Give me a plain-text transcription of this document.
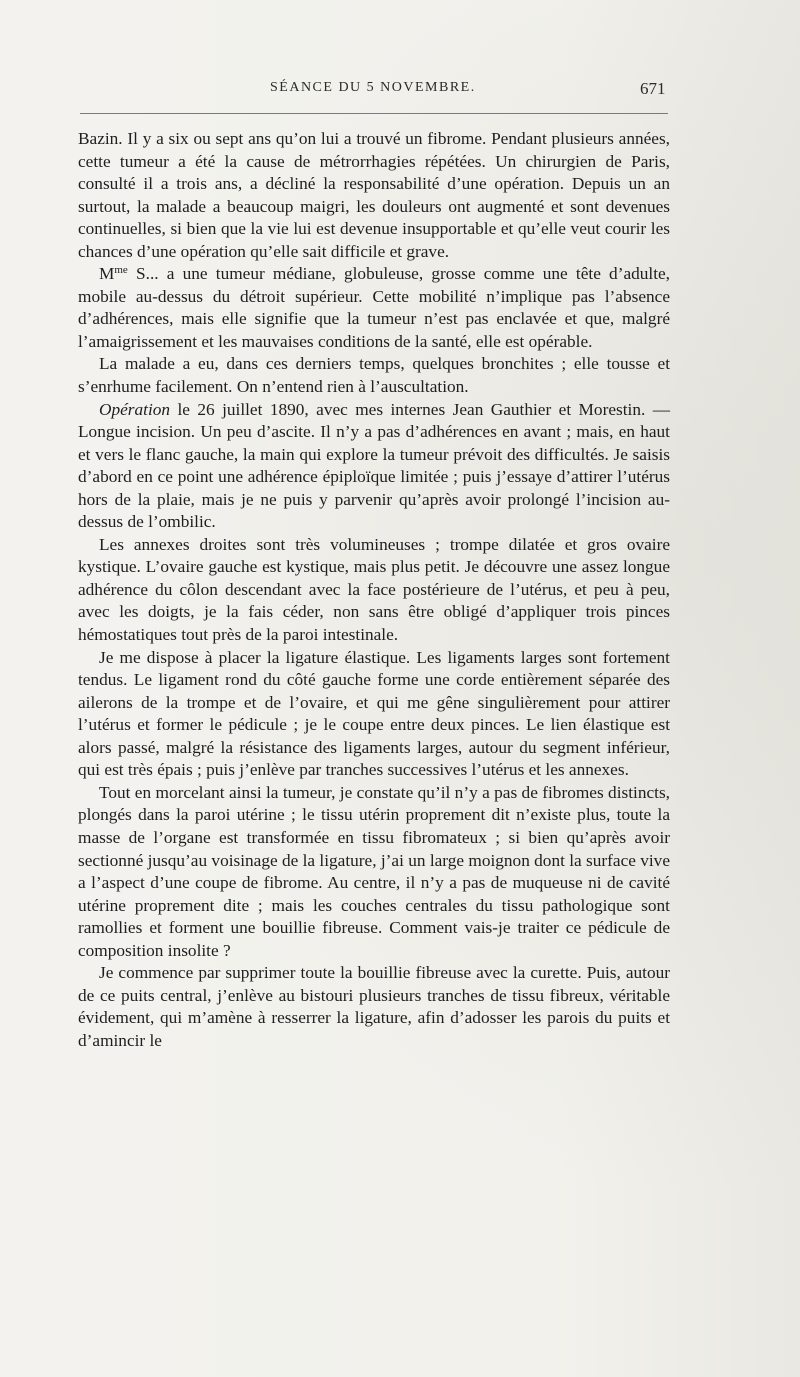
SÉANCE DU 5 NOVEMBRE.	671

Bazin. Il y a six ou sept ans qu’on lui a trouvé un fibrome. Pendant plusieurs années, cette tumeur a été la cause de métrorrhagies répétées. Un chirurgien de Paris, consulté il a trois ans, a décliné la responsabilité d’une opération. Depuis un an surtout, la malade a beaucoup maigri, les douleurs ont augmenté et sont devenues continuelles, si bien que la vie lui est devenue insupportable et qu’elle veut courir les chances d’une opération qu’elle sait difficile et grave.

$M^{me}$ S... a une tumeur médiane, globuleuse, grosse comme une tête d’adulte, mobile au-dessus du détroit supérieur. Cette mobilité n’implique pas l’absence d’adhérences, mais elle signifie que la tumeur n’est pas enclavée et que, malgré l’amaigrissement et les mauvaises conditions de la santé, elle est opérable.

La malade a eu, dans ces derniers temps, quelques bronchites ; elle tousse et s’enrhume facilement. On n’entend rien à l’auscultation.

Opération le 26 juillet 1890, avec mes internes Jean Gauthier et Morestin. — Longue incision. Un peu d’ascite. Il n’y a pas d’adhérences en avant ; mais, en haut et vers le flanc gauche, la main qui explore la tumeur prévoit des difficultés. Je saisis d’abord en ce point une adhérence épiploïque limitée ; puis j’essaye d’attirer l’utérus hors de la plaie, mais je ne puis y parvenir qu’après avoir prolongé l’incision au-dessus de l’ombilic.

Les annexes droites sont très volumineuses ; trompe dilatée et gros ovaire kystique. L’ovaire gauche est kystique, mais plus petit. Je découvre une assez longue adhérence du côlon descendant avec la face postérieure de l’utérus, et peu à peu, avec les doigts, je la fais céder, non sans être obligé d’appliquer trois pinces hémostatiques tout près de la paroi intestinale.

Je me dispose à placer la ligature élastique. Les ligaments larges sont fortement tendus. Le ligament rond du côté gauche forme une corde entièrement séparée des ailerons de la trompe et de l’ovaire, et qui me gêne singulièrement pour attirer l’utérus et former le pédicule ; je le coupe entre deux pinces. Le lien élastique est alors passé, malgré la résistance des ligaments larges, autour du segment inférieur, qui est très épais ; puis j’enlève par tranches successives l’utérus et les annexes.

Tout en morcelant ainsi la tumeur, je constate qu’il n’y a pas de fibromes distincts, plongés dans la paroi utérine ; le tissu utérin proprement dit n’existe plus, toute la masse de l’organe est transformée en tissu fibromateux ; si bien qu’après avoir sectionné jusqu’au voisinage de la ligature, j’ai un large moignon dont la surface vive a l’aspect d’une coupe de fibrome. Au centre, il n’y a pas de muqueuse ni de cavité utérine proprement dite ; mais les couches centrales du tissu pathologique sont ramollies et forment une bouillie fibreuse. Comment vais-je traiter ce pédicule de composition insolite ?

Je commence par supprimer toute la bouillie fibreuse avec la curette. Puis, autour de ce puits central, j’enlève au bistouri plusieurs tranches de tissu fibreux, véritable évidement, qui m’amène à resserrer la ligature, afin d’adosser les parois du puits et d’amincir le
